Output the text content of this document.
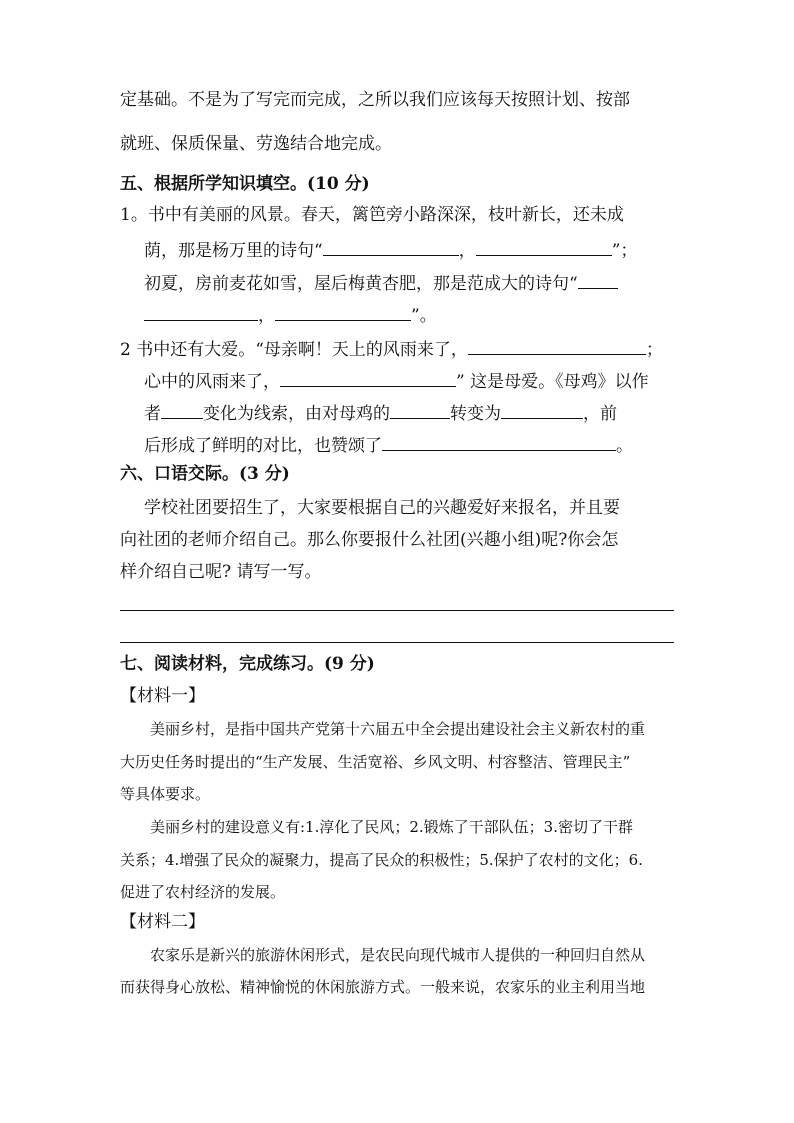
定基础。不是为了写完而完成，之所以我们应该每天按照计划、按部
就班、保质保量、劳逸结合地完成。
五、根据所学知识填空。(10 分)
1。书中有美丽的风景。春天，篱笆旁小路深深，枝叶新长，还未成
荫，那是杨万里的诗句“	，	”；
初夏，房前麦花如雪，屋后梅黄杏肥，那是范成大的诗句“
，	”。
2 书中还有大爱。“母亲啊！天上的风雨来了，	；
心中的风雨来了，	” 这是母爱。《母鸡》以作
者 变化为线索，由对母鸡的	转变为	，前
后形成了鲜明的对比，也赞颂了	。
六、口语交际。(3 分)
学校社团要招生了，大家要根据自己的兴趣爱好来报名，并且要
向社团的老师介绍自己。那么你要报什么社团(兴趣小组)呢?你会怎
样介绍自己呢? 请写一写。
七、阅读材料，完成练习。(9 分)
【材料一】
美丽乡村，是指中国共产党第十六届五中全会提出建设社会主义新农村的重
大历史任务时提出的“生产发展、生活宽裕、乡风文明、村容整洁、管理民主”
等具体要求。
美丽乡村的建设意义有:1.淳化了民风；2.锻炼了干部队伍；3.密切了干群
关系；4.增强了民众的凝聚力，提高了民众的积极性；5.保护了农村的文化；6.
促进了农村经济的发展。
【材料二】
农家乐是新兴的旅游休闲形式，是农民向现代城市人提供的一种回归自然从
而获得身心放松、精神愉悦的休闲旅游方式。一般来说，农家乐的业主利用当地
